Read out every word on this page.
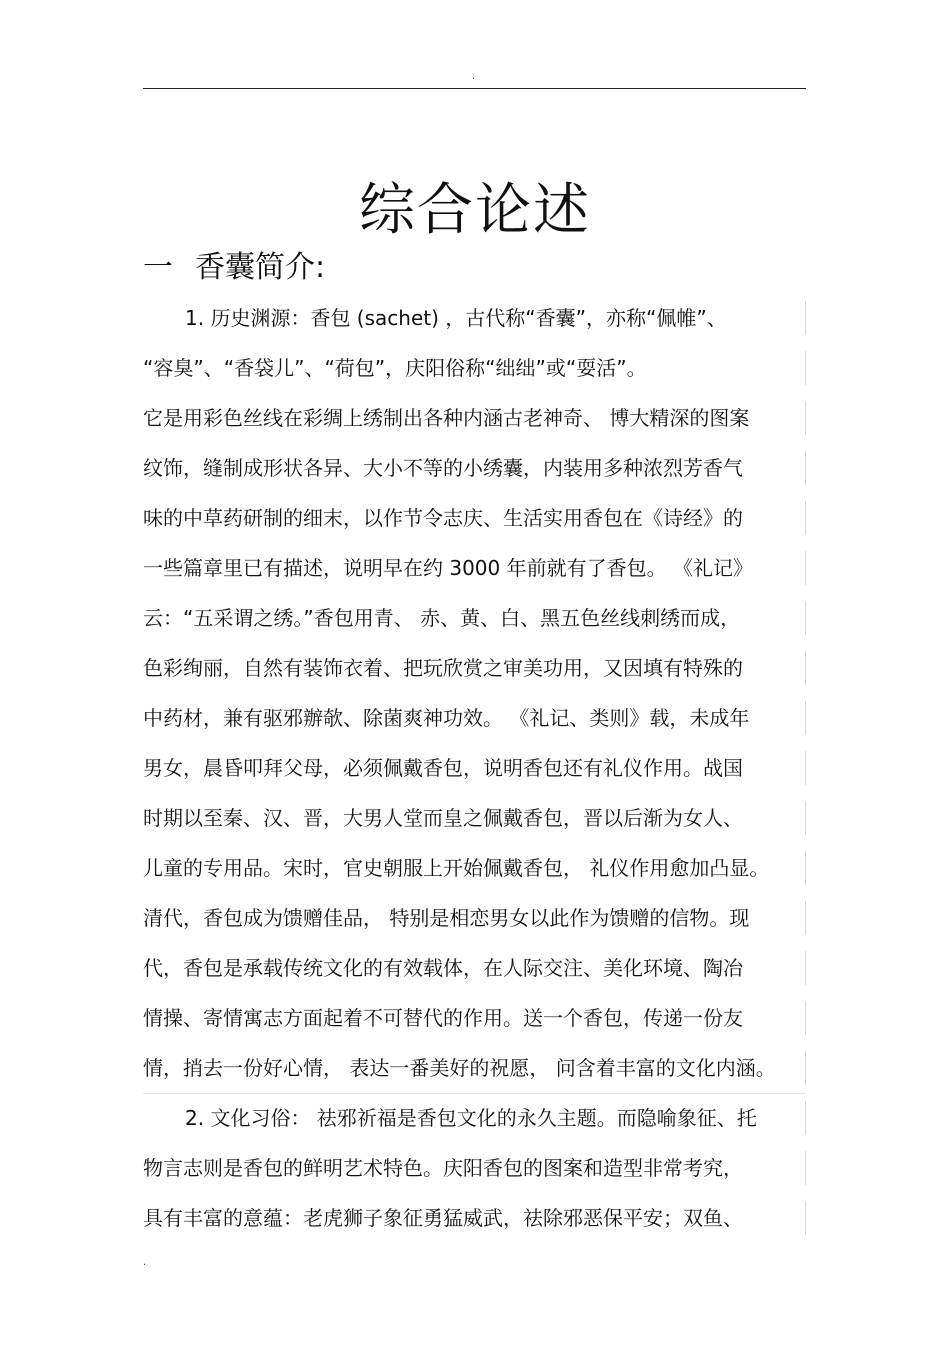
.
综合论述
一 香囊简介:
1. 历史渊源：香包 (sachet) ，古代称“香囊”，亦称“佩帷”、
“容臭”、“香袋儿”、“荷包”，庆阳俗称“绌绌”或“耍活”。
它是用彩色丝线在彩绸上绣制出各种内涵古老神奇、 博大精深的图案
纹饰，缝制成形状各异、大小不等的小绣囊，内装用多种浓烈芳香气
味的中草药研制的细末，以作节令志庆、生活实用香包在《诗经》的
一些篇章里已有描述，说明早在约 3000 年前就有了香包。 《礼记》
云：“五采谓之绣。”香包用青、 赤、黄、白、黑五色丝线刺绣而成，
色彩绚丽，自然有装饰衣着、把玩欣赏之审美功用，又因填有特殊的
中药材，兼有驱邪辦欹、除菌爽神功效。 《礼记、类则》载，未成年
男女，晨昏叩拜父母，必须佩戴香包，说明香包还有礼仪作用。战国
时期以至秦、汉、晋，大男人堂而皇之佩戴香包，晋以后渐为女人、
儿童的专用品。宋时，官史朝服上开始佩戴香包， 礼仪作用愈加凸显。
清代，香包成为馈赠佳品， 特别是相恋男女以此作为馈赠的信物。现
代，香包是承载传统文化的有效载体，在人际交注、美化环境、陶冶
情操、寄情寓志方面起着不可替代的作用。送一个香包，传递一份友
情，捎去一份好心情， 表达一番美好的祝愿， 问含着丰富的文化内涵。
2. 文化习俗： 祛邪祈福是香包文化的永久主题。而隐喻象征、托
物言志则是香包的鲜明艺术特色。庆阳香包的图案和造型非常考究，
具有丰富的意蕴：老虎狮子象征勇猛威武，祛除邪恶保平安；双鱼、
.
